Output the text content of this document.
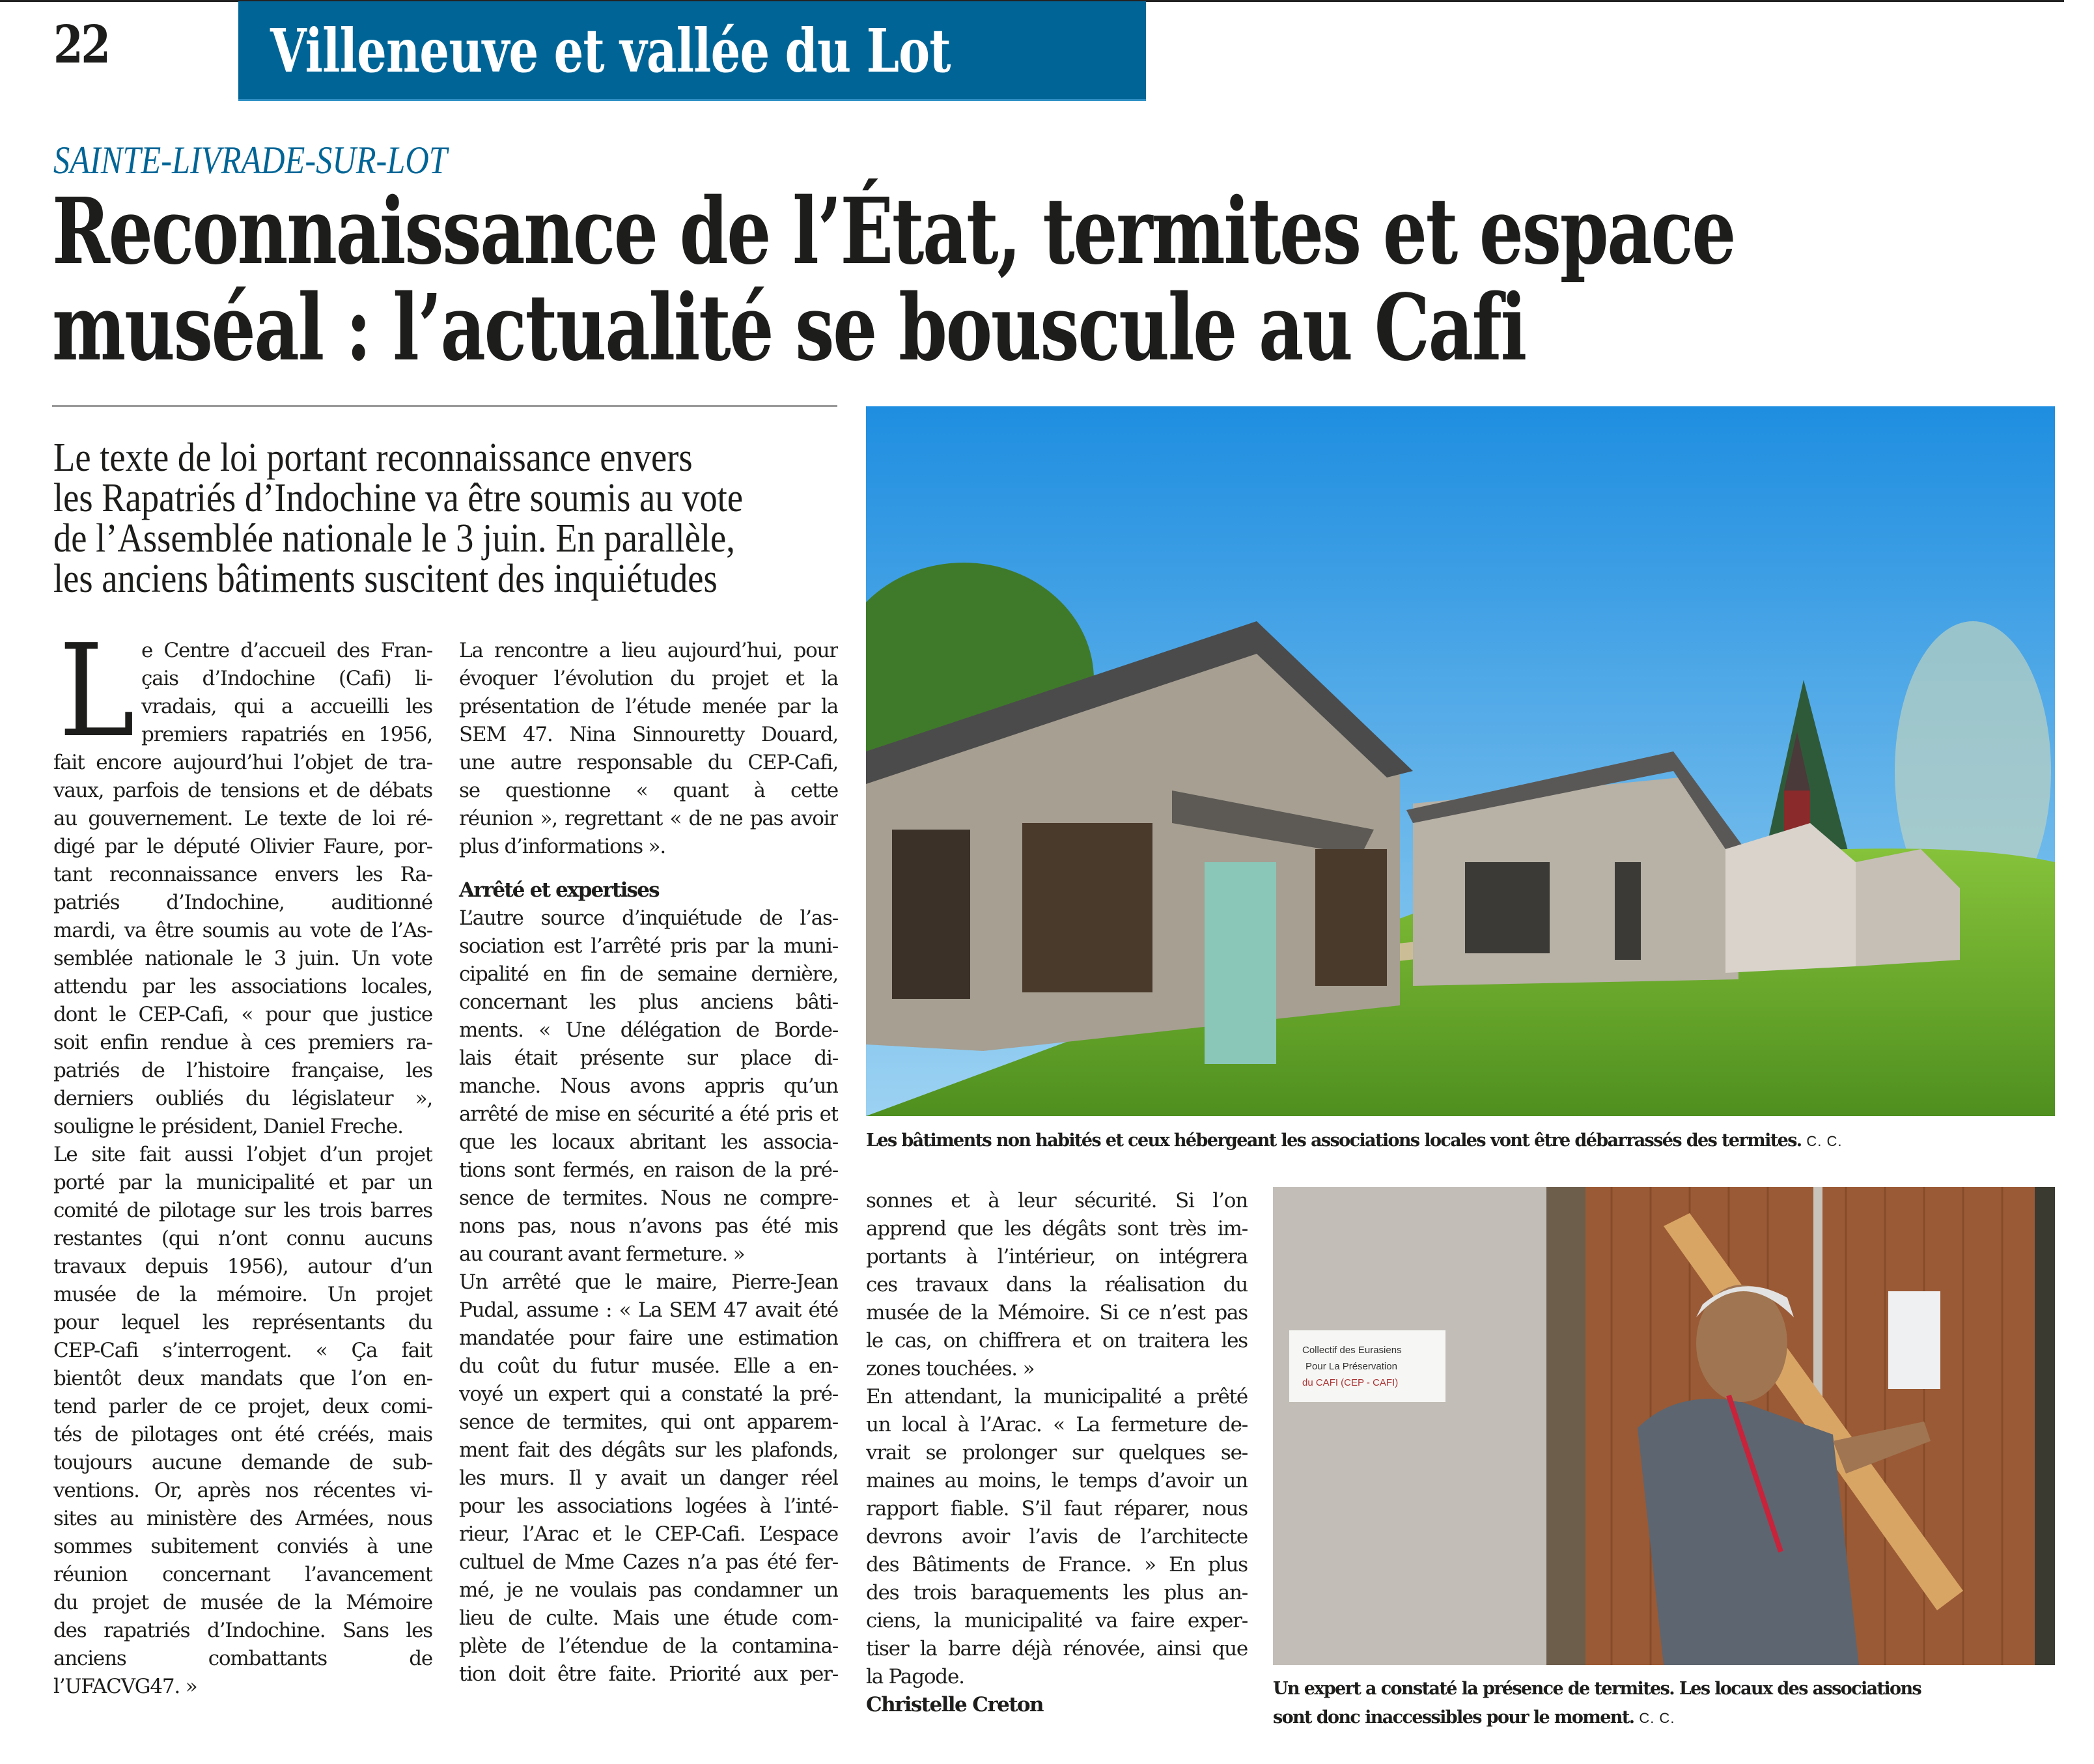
22	Villeneuve et vallée du Lot
SAINTE-LIVRADE-SUR-LOT
Reconnaissance de l’État, termites et espace
muséal : l’actualité se bouscule au Cafi
Le texte de loi portant reconnaissance envers
les Rapatriés d’Indochine va être soumis au vote
de l’Assemblée nationale le 3 juin. En parallèle,
les anciens bâtiments suscitent des inquiétudes
L e Centre d’accueil des Fran-
çais d’Indochine (Cafi) li-
vradais, qui a accueilli les
premiers rapatriés en 1956,
fait encore aujourd’hui l’objet de tra-
vaux, parfois de tensions et de débats
au gouvernement. Le texte de loi ré-
digé par le député Olivier Faure, por-
tant reconnaissance envers les Ra-
patriés d’Indochine, auditionné
mardi, va être soumis au vote de l’As-
semblée nationale le 3 juin. Un vote
attendu par les associations locales,
dont le CEP-Cafi, « pour que justice
soit enfin rendue à ces premiers ra-
patriés de l’histoire française, les
derniers oubliés du législateur »,
souligne le président, Daniel Freche.
Le site fait aussi l’objet d’un projet
porté par la municipalité et par un
comité de pilotage sur les trois barres
restantes (qui n’ont connu aucuns
travaux depuis 1956), autour d’un
musée de la mémoire. Un projet
pour lequel les représentants du
CEP-Cafi s’interrogent. « Ça fait
bientôt deux mandats que l’on en-
tend parler de ce projet, deux comi-
tés de pilotages ont été créés, mais
toujours aucune demande de sub-
ventions. Or, après nos récentes vi-
sites au ministère des Armées, nous
sommes subitement conviés à une
réunion concernant l’avancement
du projet de musée de la Mémoire
des rapatriés d’Indochine. Sans les
anciens combattants de
l’UFACVG47. »
La rencontre a lieu aujourd’hui, pour
évoquer l’évolution du projet et la
présentation de l’étude menée par la
SEM 47. Nina Sinnouretty Douard,
une autre responsable du CEP-Cafi,
se questionne « quant à cette
réunion », regrettant « de ne pas avoir
plus d’informations ».
Arrêté et expertises
L’autre source d’inquiétude de l’as-
sociation est l’arrêté pris par la muni-
cipalité en fin de semaine dernière,
concernant les plus anciens bâti-
ments. « Une délégation de Borde-
lais était présente sur place di-
manche. Nous avons appris qu’un
arrêté de mise en sécurité a été pris et
que les locaux abritant les associa-
tions sont fermés, en raison de la pré-
sence de termites. Nous ne compre-
nons pas, nous n’avons pas été mis
au courant avant fermeture. »
Un arrêté que le maire, Pierre-Jean
Pudal, assume : « La SEM 47 avait été
mandatée pour faire une estimation
du coût du futur musée. Elle a en-
voyé un expert qui a constaté la pré-
sence de termites, qui ont apparem-
ment fait des dégâts sur les plafonds,
les murs. Il y avait un danger réel
pour les associations logées à l’inté-
rieur, l’Arac et le CEP-Cafi. L’espace
cultuel de Mme Cazes n’a pas été fer-
mé, je ne voulais pas condamner un
lieu de culte. Mais une étude com-
plète de l’étendue de la contamina-
tion doit être faite. Priorité aux per-
sonnes et à leur sécurité. Si l’on
apprend que les dégâts sont très im-
portants à l’intérieur, on intégrera
ces travaux dans la réalisation du
musée de la Mémoire. Si ce n’est pas
le cas, on chiffrera et on traitera les
zones touchées. »
En attendant, la municipalité a prêté
un local à l’Arac. « La fermeture de-
vrait se prolonger sur quelques se-
maines au moins, le temps d’avoir un
rapport fiable. S’il faut réparer, nous
devrons avoir l’avis de l’architecte
des Bâtiments de France. » En plus
des trois baraquements les plus an-
ciens, la municipalité va faire exper-
tiser la barre déjà rénovée, ainsi que
la Pagode.
Christelle Creton
Les bâtiments non habités et ceux hébergeant les associations locales vont être débarrassés des termites. C. C.
Collectif des Eurasiens
Pour La Préservation
du CAFI (CEP - CAFI)
Un expert a constaté la présence de termites. Les locaux des associations
sont donc inaccessibles pour le moment. C. C.
